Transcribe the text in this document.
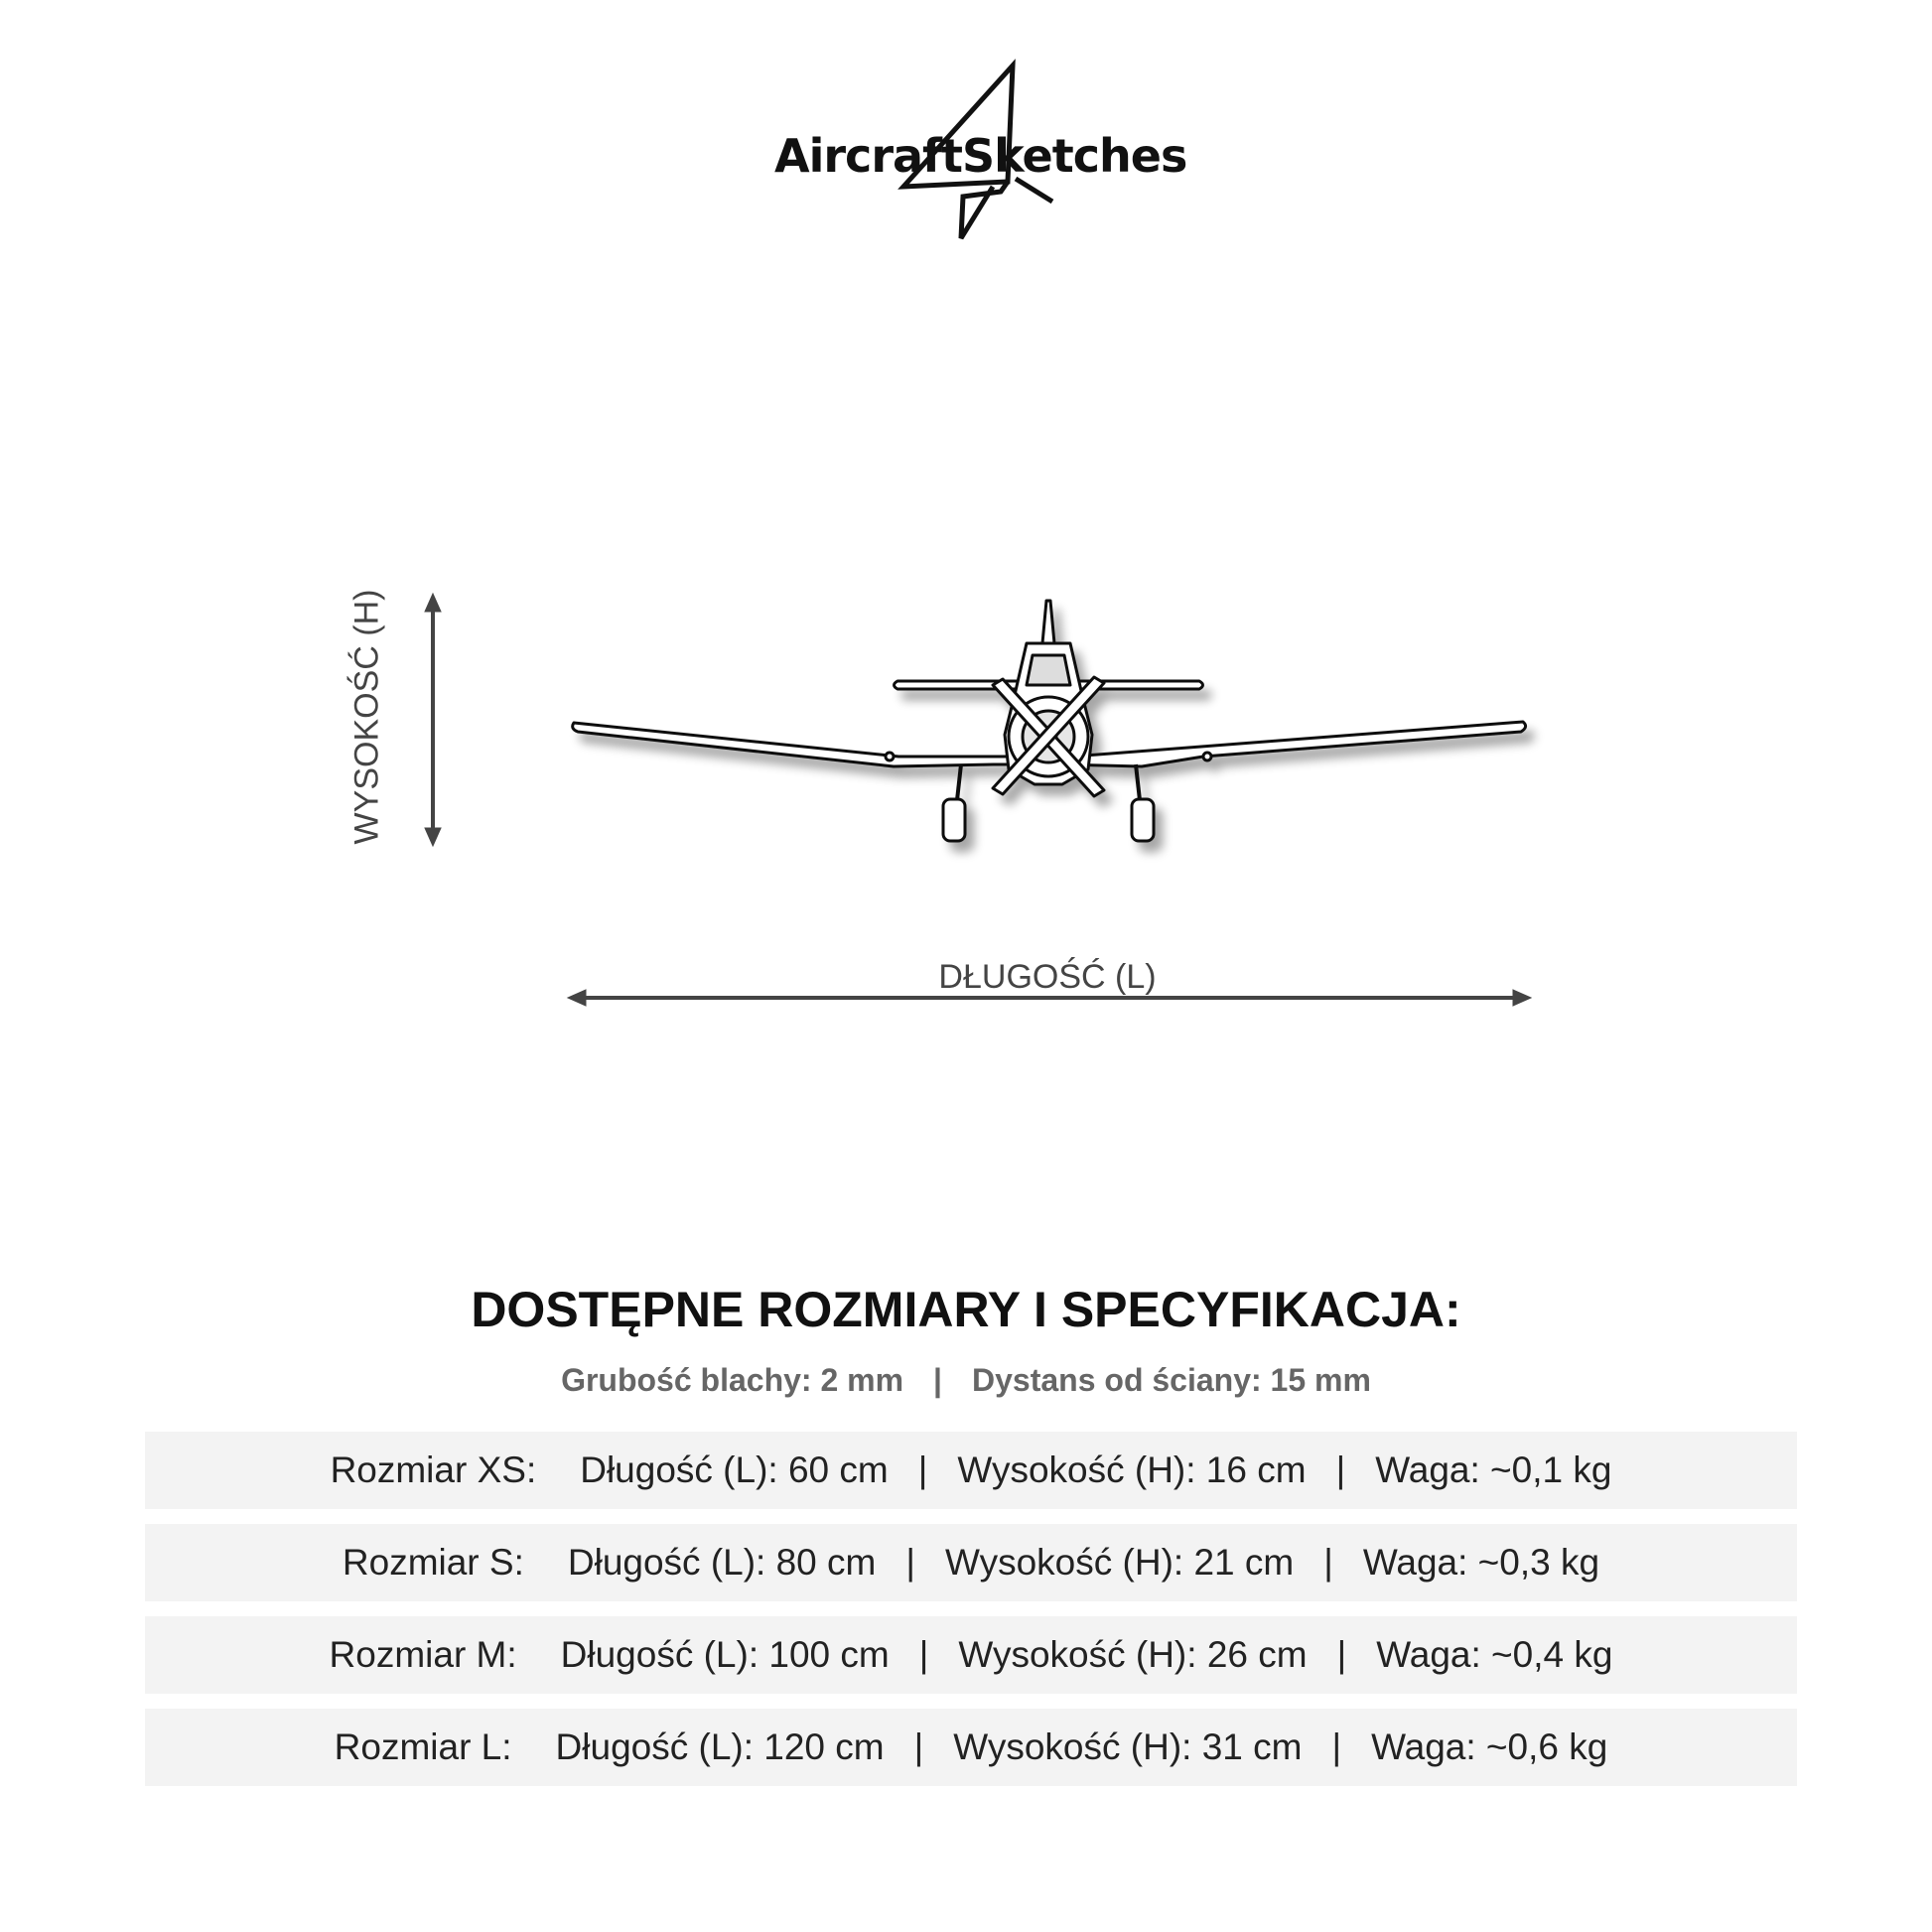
AircraftSketches
WYSOKOŚĆ (H)
DŁUGOŚĆ (L)
DOSTĘPNE ROZMIARY I SPECYFIKACJA:
Grubość blachy: 2 mm | Dystans od ściany: 15 mm
Rozmiar XS: Długość (L): 60 cm | Wysokość (H): 16 cm | Waga: ~0,1 kg
Rozmiar S: Długość (L): 80 cm | Wysokość (H): 21 cm | Waga: ~0,3 kg
Rozmiar M: Długość (L): 100 cm | Wysokość (H): 26 cm | Waga: ~0,4 kg
Rozmiar L: Długość (L): 120 cm | Wysokość (H): 31 cm | Waga: ~0,6 kg
